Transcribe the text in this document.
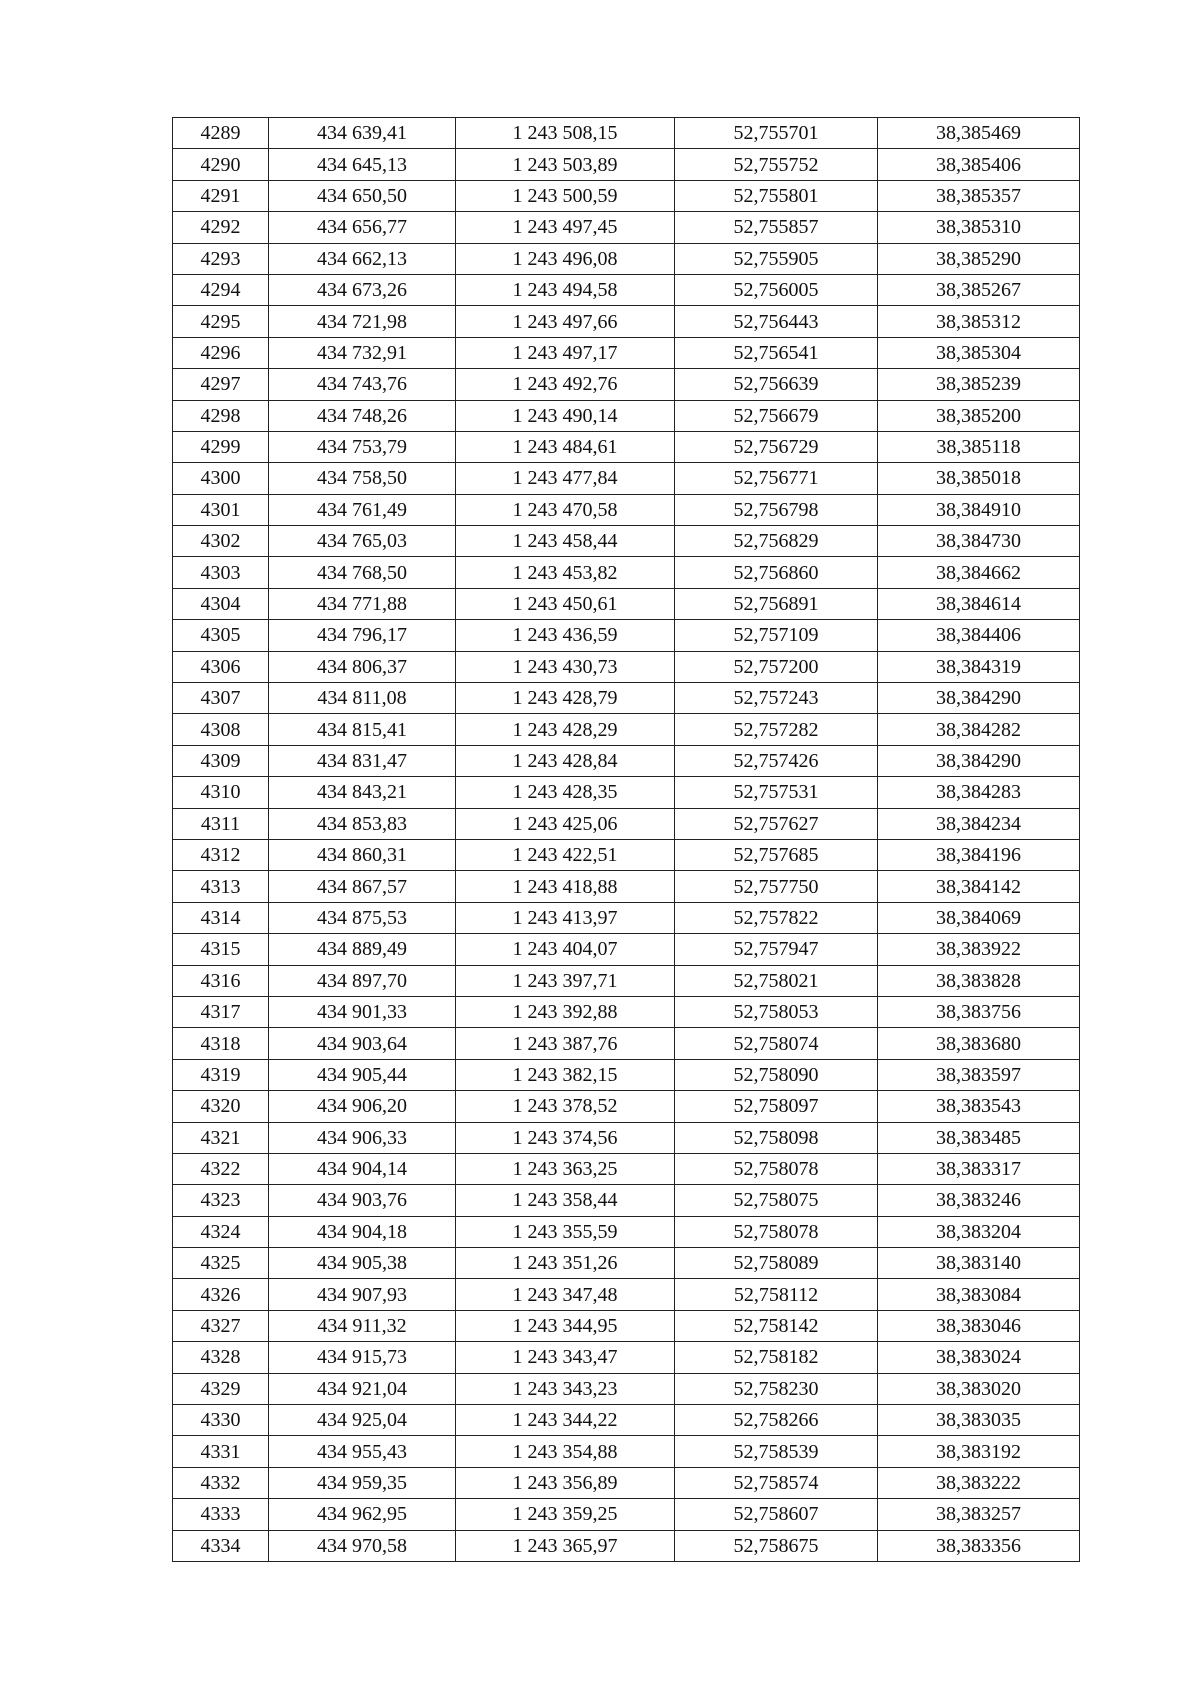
4289	434 639,41	1 243 508,15	52,755701	38,385469
4290	434 645,13	1 243 503,89	52,755752	38,385406
4291	434 650,50	1 243 500,59	52,755801	38,385357
4292	434 656,77	1 243 497,45	52,755857	38,385310
4293	434 662,13	1 243 496,08	52,755905	38,385290
4294	434 673,26	1 243 494,58	52,756005	38,385267
4295	434 721,98	1 243 497,66	52,756443	38,385312
4296	434 732,91	1 243 497,17	52,756541	38,385304
4297	434 743,76	1 243 492,76	52,756639	38,385239
4298	434 748,26	1 243 490,14	52,756679	38,385200
4299	434 753,79	1 243 484,61	52,756729	38,385118
4300	434 758,50	1 243 477,84	52,756771	38,385018
4301	434 761,49	1 243 470,58	52,756798	38,384910
4302	434 765,03	1 243 458,44	52,756829	38,384730
4303	434 768,50	1 243 453,82	52,756860	38,384662
4304	434 771,88	1 243 450,61	52,756891	38,384614
4305	434 796,17	1 243 436,59	52,757109	38,384406
4306	434 806,37	1 243 430,73	52,757200	38,384319
4307	434 811,08	1 243 428,79	52,757243	38,384290
4308	434 815,41	1 243 428,29	52,757282	38,384282
4309	434 831,47	1 243 428,84	52,757426	38,384290
4310	434 843,21	1 243 428,35	52,757531	38,384283
4311	434 853,83	1 243 425,06	52,757627	38,384234
4312	434 860,31	1 243 422,51	52,757685	38,384196
4313	434 867,57	1 243 418,88	52,757750	38,384142
4314	434 875,53	1 243 413,97	52,757822	38,384069
4315	434 889,49	1 243 404,07	52,757947	38,383922
4316	434 897,70	1 243 397,71	52,758021	38,383828
4317	434 901,33	1 243 392,88	52,758053	38,383756
4318	434 903,64	1 243 387,76	52,758074	38,383680
4319	434 905,44	1 243 382,15	52,758090	38,383597
4320	434 906,20	1 243 378,52	52,758097	38,383543
4321	434 906,33	1 243 374,56	52,758098	38,383485
4322	434 904,14	1 243 363,25	52,758078	38,383317
4323	434 903,76	1 243 358,44	52,758075	38,383246
4324	434 904,18	1 243 355,59	52,758078	38,383204
4325	434 905,38	1 243 351,26	52,758089	38,383140
4326	434 907,93	1 243 347,48	52,758112	38,383084
4327	434 911,32	1 243 344,95	52,758142	38,383046
4328	434 915,73	1 243 343,47	52,758182	38,383024
4329	434 921,04	1 243 343,23	52,758230	38,383020
4330	434 925,04	1 243 344,22	52,758266	38,383035
4331	434 955,43	1 243 354,88	52,758539	38,383192
4332	434 959,35	1 243 356,89	52,758574	38,383222
4333	434 962,95	1 243 359,25	52,758607	38,383257
4334	434 970,58	1 243 365,97	52,758675	38,383356
